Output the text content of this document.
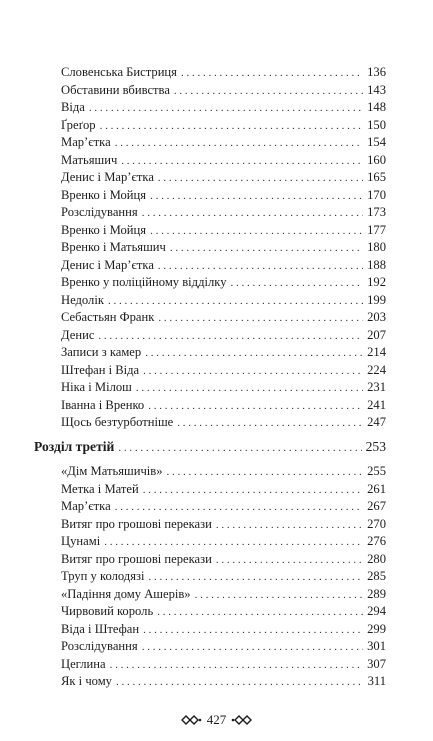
Словенська Бистриця . . .	136
Обставини вбивства . . .	143
Віда . . .	148
Ґреґор . . .	150
Мар’єтка . . .	154
Матьяшич . . .	160
Денис і Мар’єтка . . .	165
Вренко і Мойця . . .	170
Розслідування . . .	173
Вренко і Мойця . . .	177
Вренко і Матьяшич . . .	180
Денис і Мар’єтка . . .	188
Вренко у поліційному відділку . . .	192
Недолік . . .	199
Себастьян Франк . . .	203
Денис . . .	207
Записи з камер . . .	214
Штефан і Віда . . .	224
Ніка і Мілош . . .	231
Іванна і Вренко . . .	241
Щось безтурботніше . . .	247
Розділ третій . . .	253
«Дім Матьяшичів» . . .	255
Метка і Матей . . .	261
Мар’єтка . . .	267
Витяг про грошові перекази . . .	270
Цунамі . . .	276
Витяг про грошові перекази . . .	280
Труп у колодязі . . .	285
«Падіння дому Ашерів» . . .	289
Чирвовий король . . .	294
Віда і Штефан . . .	299
Розслідування . . .	301
Цеглина . . .	307
Як і чому . . .	311
427
